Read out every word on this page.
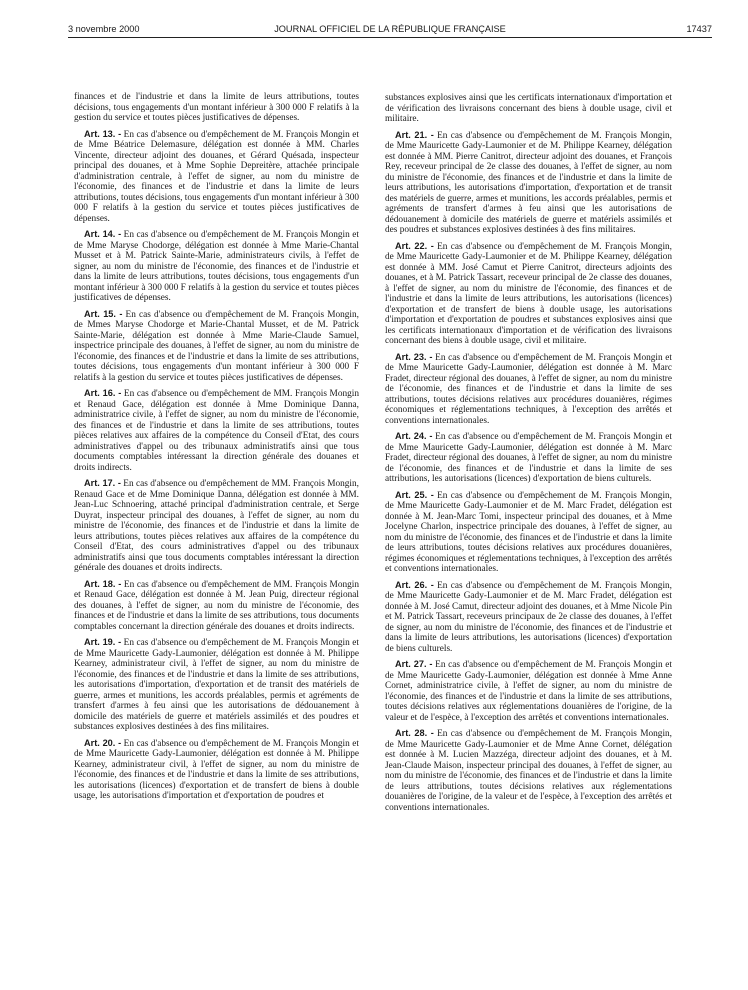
3 novembre 2000	JOURNAL OFFICIEL DE LA RÉPUBLIQUE FRANÇAISE	17437

finances et de l'industrie et dans la limite de leurs attributions, toutes décisions, tous engagements d'un montant inférieur à 300 000 F relatifs à la gestion du service et toutes pièces justificatives de dépenses.

Art. 13. - En cas d'absence ou d'empêchement de M. François Mongin et de Mme Béatrice Delemasure, délégation est donnée à MM. Charles Vincente, directeur adjoint des douanes, et Gérard Quésada, inspecteur principal des douanes, et à Mme Sophie Depreitère, attachée principale d'administration centrale, à l'effet de signer, au nom du ministre de l'économie, des finances et de l'industrie et dans la limite de leurs attributions, toutes décisions, tous engagements d'un montant inférieur à 300 000 F relatifs à la gestion du service et toutes pièces justificatives de dépenses.

Art. 14. - En cas d'absence ou d'empêchement de M. François Mongin et de Mme Maryse Chodorge, délégation est donnée à Mme Marie-Chantal Musset et à M. Patrick Sainte-Marie, administrateurs civils, à l'effet de signer, au nom du ministre de l'économie, des finances et de l'industrie et dans la limite de leurs attributions, toutes décisions, tous engagements d'un montant inférieur à 300 000 F relatifs à la gestion du service et toutes pièces justificatives de dépenses.

Art. 15. - En cas d'absence ou d'empêchement de M. François Mongin, de Mmes Maryse Chodorge et Marie-Chantal Musset, et de M. Patrick Sainte-Marie, délégation est donnée à Mme Marie-Claude Samuel, inspectrice principale des douanes, à l'effet de signer, au nom du ministre de l'économie, des finances et de l'industrie et dans la limite de ses attributions, toutes décisions, tous engagements d'un montant inférieur à 300 000 F relatifs à la gestion du service et toutes pièces justificatives de dépenses.

Art. 16. - En cas d'absence ou d'empêchement de MM. François Mongin et Renaud Gace, délégation est donnée à Mme Dominique Danna, administratrice civile, à l'effet de signer, au nom du ministre de l'économie, des finances et de l'industrie et dans la limite de ses attributions, toutes pièces relatives aux affaires de la compétence du Conseil d'Etat, des cours administratives d'appel ou des tribunaux administratifs ainsi que tous documents comptables intéressant la direction générale des douanes et droits indirects.

Art. 17. - En cas d'absence ou d'empêchement de MM. François Mongin, Renaud Gace et de Mme Dominique Danna, délégation est donnée à MM. Jean-Luc Schnoering, attaché principal d'administration centrale, et Serge Duyrat, inspecteur principal des douanes, à l'effet de signer, au nom du ministre de l'économie, des finances et de l'industrie et dans la limite de leurs attributions, toutes pièces relatives aux affaires de la compétence du Conseil d'Etat, des cours administratives d'appel ou des tribunaux administratifs ainsi que tous documents comptables intéressant la direction générale des douanes et droits indirects.

Art. 18. - En cas d'absence ou d'empêchement de MM. François Mongin et Renaud Gace, délégation est donnée à M. Jean Puig, directeur régional des douanes, à l'effet de signer, au nom du ministre de l'économie, des finances et de l'industrie et dans la limite de ses attributions, tous documents comptables concernant la direction générale des douanes et droits indirects.

Art. 19. - En cas d'absence ou d'empêchement de M. François Mongin et de Mme Mauricette Gady-Laumonier, délégation est donnée à M. Philippe Kearney, administrateur civil, à l'effet de signer, au nom du ministre de l'économie, des finances et de l'industrie et dans la limite de ses attributions, les autorisations d'importation, d'exportation et de transit des matériels de guerre, armes et munitions, les accords préalables, permis et agréments de transfert d'armes à feu ainsi que les autorisations de dédouanement à domicile des matériels de guerre et matériels assimilés et des poudres et substances explosives destinées à des fins militaires.

Art. 20. - En cas d'absence ou d'empêchement de M. François Mongin et de Mme Mauricette Gady-Laumonier, délégation est donnée à M. Philippe Kearney, administrateur civil, à l'effet de signer, au nom du ministre de l'économie, des finances et de l'industrie et dans la limite de ses attributions, les autorisations (licences) d'exportation et de transfert de biens à double usage, les autorisations d'importation et d'exportation de poudres et

substances explosives ainsi que les certificats internationaux d'importation et de vérification des livraisons concernant des biens à double usage, civil et militaire.

Art. 21. - En cas d'absence ou d'empêchement de M. François Mongin, de Mme Mauricette Gady-Laumonier et de M. Philippe Kearney, délégation est donnée à MM. Pierre Canitrot, directeur adjoint des douanes, et François Rey, receveur principal de 2e classe des douanes, à l'effet de signer, au nom du ministre de l'économie, des finances et de l'industrie et dans la limite de leurs attributions, les autorisations d'importation, d'exportation et de transit des matériels de guerre, armes et munitions, les accords préalables, permis et agréments de transfert d'armes à feu ainsi que les autorisations de dédouanement à domicile des matériels de guerre et matériels assimilés et des poudres et substances explosives destinées à des fins militaires.

Art. 22. - En cas d'absence ou d'empêchement de M. François Mongin, de Mme Mauricette Gady-Laumonier et de M. Philippe Kearney, délégation est donnée à MM. José Camut et Pierre Canitrot, directeurs adjoints des douanes, et à M. Patrick Tassart, receveur principal de 2e classe des douanes, à l'effet de signer, au nom du ministre de l'économie, des finances et de l'industrie et dans la limite de leurs attributions, les autorisations (licences) d'exportation et de transfert de biens à double usage, les autorisations d'importation et d'exportation de poudres et substances explosives ainsi que les certificats internationaux d'importation et de vérification des livraisons concernant des biens à double usage, civil et militaire.

Art. 23. - En cas d'absence ou d'empêchement de M. François Mongin et de Mme Mauricette Gady-Laumonier, délégation est donnée à M. Marc Fradet, directeur régional des douanes, à l'effet de signer, au nom du ministre de l'économie, des finances et de l'industrie et dans la limite de ses attributions, toutes décisions relatives aux procédures douanières, régimes économiques et réglementations techniques, à l'exception des arrêtés et conventions internationales.

Art. 24. - En cas d'absence ou d'empêchement de M. François Mongin et de Mme Mauricette Gady-Laumonier, délégation est donnée à M. Marc Fradet, directeur régional des douanes, à l'effet de signer, au nom du ministre de l'économie, des finances et de l'industrie et dans la limite de ses attributions, les autorisations (licences) d'exportation de biens culturels.

Art. 25. - En cas d'absence ou d'empêchement de M. François Mongin, de Mme Mauricette Gady-Laumonier et de M. Marc Fradet, délégation est donnée à M. Jean-Marc Tomi, inspecteur principal des douanes, et à Mme Jocelyne Charlon, inspectrice principale des douanes, à l'effet de signer, au nom du ministre de l'économie, des finances et de l'industrie et dans la limite de leurs attributions, toutes décisions relatives aux procédures douanières, régimes économiques et réglementations techniques, à l'exception des arrêtés et conventions internationales.

Art. 26. - En cas d'absence ou d'empêchement de M. François Mongin, de Mme Mauricette Gady-Laumonier et de M. Marc Fradet, délégation est donnée à M. José Camut, directeur adjoint des douanes, et à Mme Nicole Pin et M. Patrick Tassart, receveurs principaux de 2e classe des douanes, à l'effet de signer, au nom du ministre de l'économie, des finances et de l'industrie et dans la limite de leurs attributions, les autorisations (licences) d'exportation de biens culturels.

Art. 27. - En cas d'absence ou d'empêchement de M. François Mongin et de Mme Mauricette Gady-Laumonier, délégation est donnée à Mme Anne Cornet, administratrice civile, à l'effet de signer, au nom du ministre de l'économie, des finances et de l'industrie et dans la limite de ses attributions, toutes décisions relatives aux réglementations douanières de l'origine, de la valeur et de l'espèce, à l'exception des arrêtés et conventions internationales.

Art. 28. - En cas d'absence ou d'empêchement de M. François Mongin, de Mme Mauricette Gady-Laumonier et de Mme Anne Cornet, délégation est donnée à M. Lucien Mazzéga, directeur adjoint des douanes, et à M. Jean-Claude Maison, inspecteur principal des douanes, à l'effet de signer, au nom du ministre de l'économie, des finances et de l'industrie et dans la limite de leurs attributions, toutes décisions relatives aux réglementations douanières de l'origine, de la valeur et de l'espèce, à l'exception des arrêtés et conventions internationales.
